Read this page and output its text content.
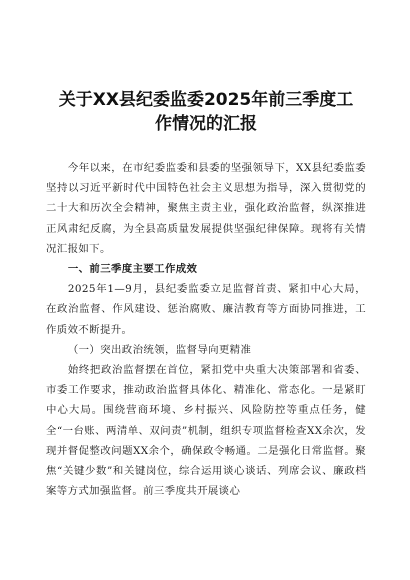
关于XX县纪委监委2025年前三季度工
作情况的汇报

今年以来，在市纪委监委和县委的坚强领导下，XX县纪委监委坚持以习近平新时代中国特色社会主义思想为指导，深入贯彻党的二十大和历次全会精神，聚焦主责主业，强化政治监督，纵深推进正风肃纪反腐，为全县高质量发展提供坚强纪律保障。现将有关情况汇报如下。

一、前三季度主要工作成效

2025年1—9月，县纪委监委立足监督首责、紧扣中心大局，在政治监督、作风建设、惩治腐败、廉洁教育等方面协同推进，工作质效不断提升。

（一）突出政治统领，监督导向更精准

始终把政治监督摆在首位，紧扣党中央重大决策部署和省委、市委工作要求，推动政治监督具体化、精准化、常态化。一是紧盯中心大局。围绕营商环境、乡村振兴、风险防控等重点任务，健全“一台账、两清单、双问责”机制，组织专项监督检查XX余次，发现并督促整改问题XX余个，确保政令畅通。二是强化日常监督。聚焦“关键少数”和关键岗位，综合运用谈心谈话、列席会议、廉政档案等方式加强监督。前三季度共开展谈心
